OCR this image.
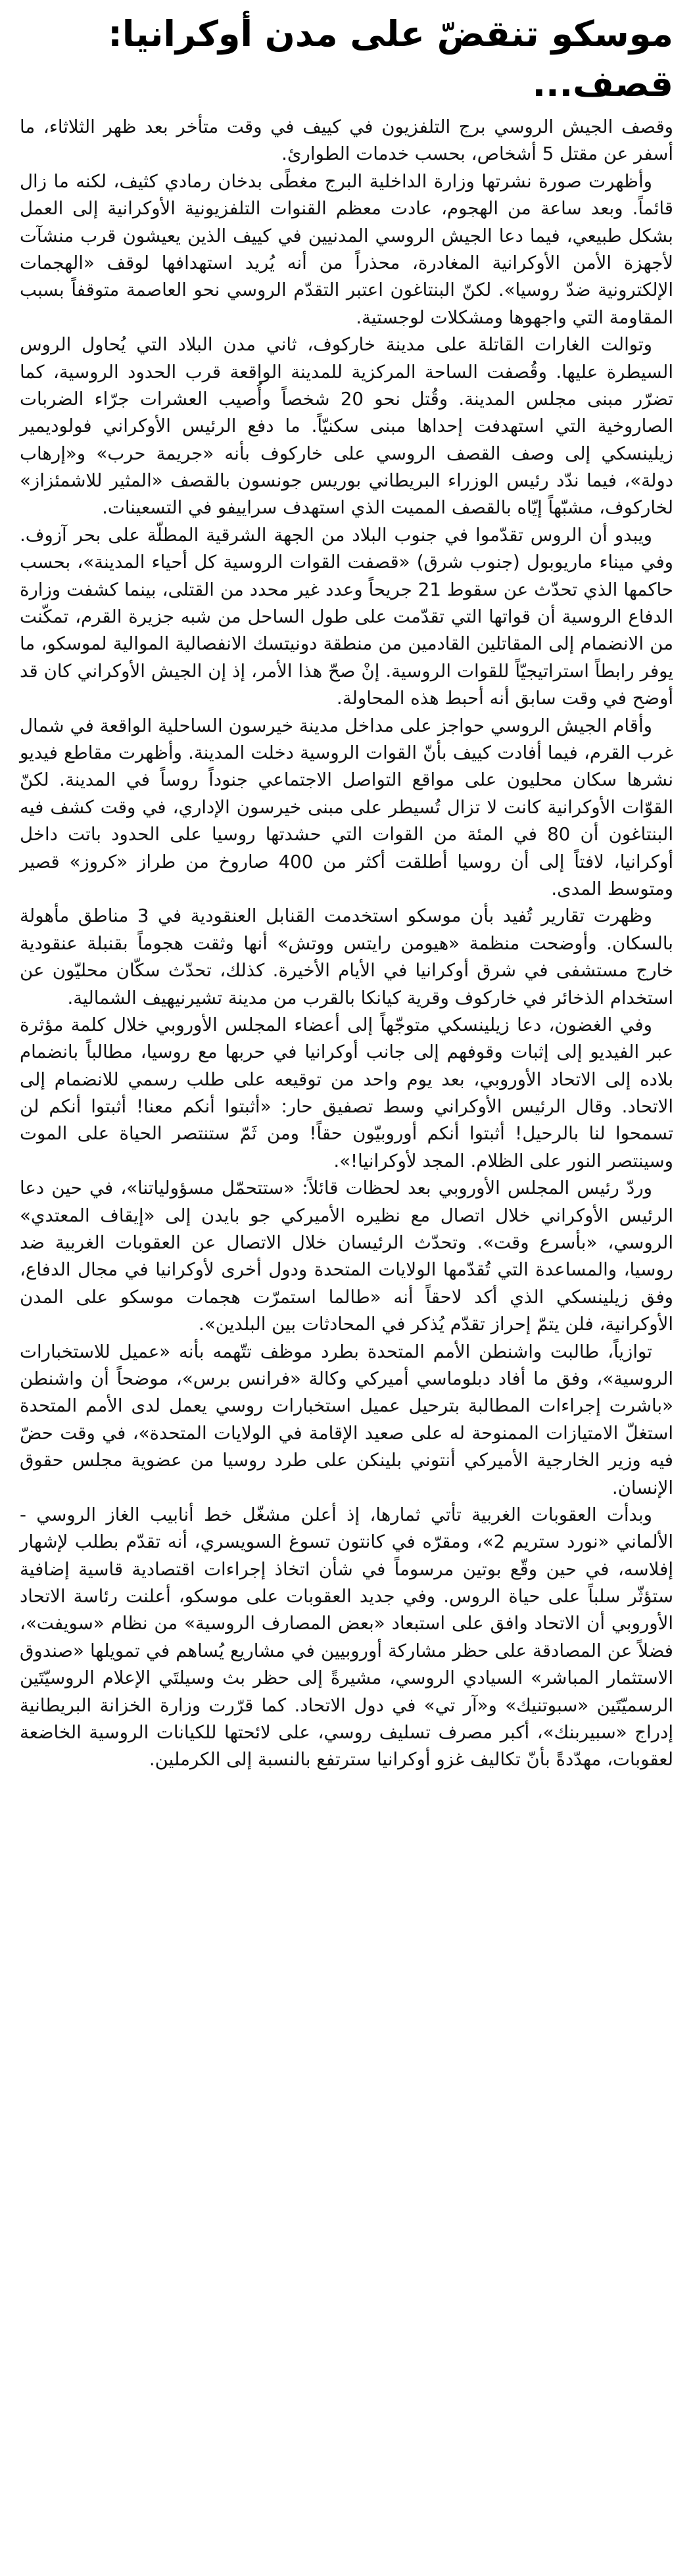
موسكو تنقضّ على مدن أوكرانيا: قصف...

وقصف الجيش الروسي برج التلفزيون في كييف في وقت متأخر بعد ظهر الثلاثاء، ما أسفر عن مقتل 5 أشخاص، بحسب خدمات الطوارئ.

وأظهرت صورة نشرتها وزارة الداخلية البرج مغطًى بدخان رمادي كثيف، لكنه ما زال قائماً. وبعد ساعة من الهجوم، عادت معظم القنوات التلفزيونية الأوكرانية إلى العمل بشكل طبيعي، فيما دعا الجيش الروسي المدنيين في كييف الذين يعيشون قرب منشآت لأجهزة الأمن الأوكرانية المغادرة، محذراً من أنه يُريد استهدافها لوقف «الهجمات الإلكترونية ضدّ روسيا». لكنّ البنتاغون اعتبر التقدّم الروسي نحو العاصمة متوقفاً بسبب المقاومة التي واجهوها ومشكلات لوجستية.

وتوالت الغارات القاتلة على مدينة خاركوف، ثاني مدن البلاد التي يُحاول الروس السيطرة عليها. وقُصفت الساحة المركزية للمدينة الواقعة قرب الحدود الروسية، كما تضرّر مبنى مجلس المدينة. وقُتل نحو 20 شخصاً وأُصيب العشرات جرّاء الضربات الصاروخية التي استهدفت إحداها مبنى سكنيّاً. ما دفع الرئيس الأوكراني فولوديمير زيلينسكي إلى وصف القصف الروسي على خاركوف بأنه «جريمة حرب» و«إرهاب دولة»، فيما ندّد رئيس الوزراء البريطاني بوريس جونسون بالقصف «المثير للاشمئزاز» لخاركوف، مشبّهاً إيّاه بالقصف المميت الذي استهدف سراييفو في التسعينات.

ويبدو أن الروس تقدّموا في جنوب البلاد من الجهة الشرقية المطلّة على بحر آزوف. وفي ميناء ماريوبول (جنوب شرق) «قصفت القوات الروسية كل أحياء المدينة»، بحسب حاكمها الذي تحدّث عن سقوط 21 جريحاً وعدد غير محدد من القتلى، بينما كشفت وزارة الدفاع الروسية أن قواتها التي تقدّمت على طول الساحل من شبه جزيرة القرم، تمكّنت من الانضمام إلى المقاتلين القادمين من منطقة دونيتسك الانفصالية الموالية لموسكو، ما يوفر رابطاً استراتيجيّاً للقوات الروسية. إنْ صحّ هذا الأمر، إذ إن الجيش الأوكراني كان قد أوضح في وقت سابق أنه أحبط هذه المحاولة.

وأقام الجيش الروسي حواجز على مداخل مدينة خيرسون الساحلية الواقعة في شمال غرب القرم، فيما أفادت كييف بأنّ القوات الروسية دخلت المدينة. وأظهرت مقاطع فيديو نشرها سكان محليون على مواقع التواصل الاجتماعي جنوداً روساً في المدينة. لكنّ القوّات الأوكرانية كانت لا تزال تُسيطر على مبنى خيرسون الإداري، في وقت كشف فيه البنتاغون أن 80 في المئة من القوات التي حشدتها روسيا على الحدود باتت داخل أوكرانيا، لافتاً إلى أن روسيا أطلقت أكثر من 400 صاروخ من طراز «كروز» قصير ومتوسط المدى.

وظهرت تقارير تُفيد بأن موسكو استخدمت القنابل العنقودية في 3 مناطق مأهولة بالسكان. وأوضحت منظمة «هيومن رايتس ووتش» أنها وثقت هجوماً بقنبلة عنقودية خارج مستشفى في شرق أوكرانيا في الأيام الأخيرة. كذلك، تحدّث سكّان محليّون عن استخدام الذخائر في خاركوف وقرية كيانكا بالقرب من مدينة تشيرنيهيف الشمالية.

وفي الغضون، دعا زيلينسكي متوجّهاً إلى أعضاء المجلس الأوروبي خلال كلمة مؤثرة عبر الفيديو إلى إثبات وقوفهم إلى جانب أوكرانيا في حربها مع روسيا، مطالباً بانضمام بلاده إلى الاتحاد الأوروبي، بعد يوم واحد من توقيعه على طلب رسمي للانضمام إلى الاتحاد. وقال الرئيس الأوكراني وسط تصفيق حار: «أثبتوا أنكم معنا! أثبتوا أنكم لن تسمحوا لنا بالرحيل! أثبتوا أنكم أوروبيّون حقاً! ومن ثَمّ ستنتصر الحياة على الموت وسينتصر النور على الظلام. المجد لأوكرانيا!».

وردّ رئيس المجلس الأوروبي بعد لحظات قائلاً: «ستتحمّل مسؤولياتنا»، في حين دعا الرئيس الأوكراني خلال اتصال مع نظيره الأميركي جو بايدن إلى «إيقاف المعتدي» الروسي، «بأسرع وقت». وتحدّث الرئيسان خلال الاتصال عن العقوبات الغربية ضد روسيا، والمساعدة التي تُقدّمها الولايات المتحدة ودول أخرى لأوكرانيا في مجال الدفاع، وفق زيلينسكي الذي أكد لاحقاً أنه «طالما استمرّت هجمات موسكو على المدن الأوكرانية، فلن يتمّ إحراز تقدّم يُذكر في المحادثات بين البلدين».

توازياً، طالبت واشنطن الأمم المتحدة بطرد موظف تتّهمه بأنه «عميل للاستخبارات الروسية»، وفق ما أفاد دبلوماسي أميركي وكالة «فرانس برس»، موضحاً أن واشنطن «باشرت إجراءات المطالبة بترحيل عميل استخبارات روسي يعمل لدى الأمم المتحدة استغلّ الامتيازات الممنوحة له على صعيد الإقامة في الولايات المتحدة»، في وقت حضّ فيه وزير الخارجية الأميركي أنتوني بلينكن على طرد روسيا من عضوية مجلس حقوق الإنسان.

وبدأت العقوبات الغربية تأتي ثمارها، إذ أعلن مشغّل خط أنابيب الغاز الروسي - الألماني «نورد ستريم 2»، ومقرّه في كانتون تسوغ السويسري، أنه تقدّم بطلب لإشهار إفلاسه، في حين وقّع بوتين مرسوماً في شأن اتخاذ إجراءات اقتصادية قاسية إضافية ستؤثّر سلباً على حياة الروس. وفي جديد العقوبات على موسكو، أعلنت رئاسة الاتحاد الأوروبي أن الاتحاد وافق على استبعاد «بعض المصارف الروسية» من نظام «سويفت»، فضلاً عن المصادقة على حظر مشاركة أوروبيين في مشاريع يُساهم في تمويلها «صندوق الاستثمار المباشر» السيادي الروسي، مشيرةً إلى حظر بث وسيلتَي الإعلام الروسيّتَين الرسميّتَين «سبوتنيك» و«آر تي» في دول الاتحاد. كما قرّرت وزارة الخزانة البريطانية إدراج «سبيربنك»، أكبر مصرف تسليف روسي، على لائحتها للكيانات الروسية الخاضعة لعقوبات، مهدّدةً بأنّ تكاليف غزو أوكرانيا سترتفع بالنسبة إلى الكرملين.
